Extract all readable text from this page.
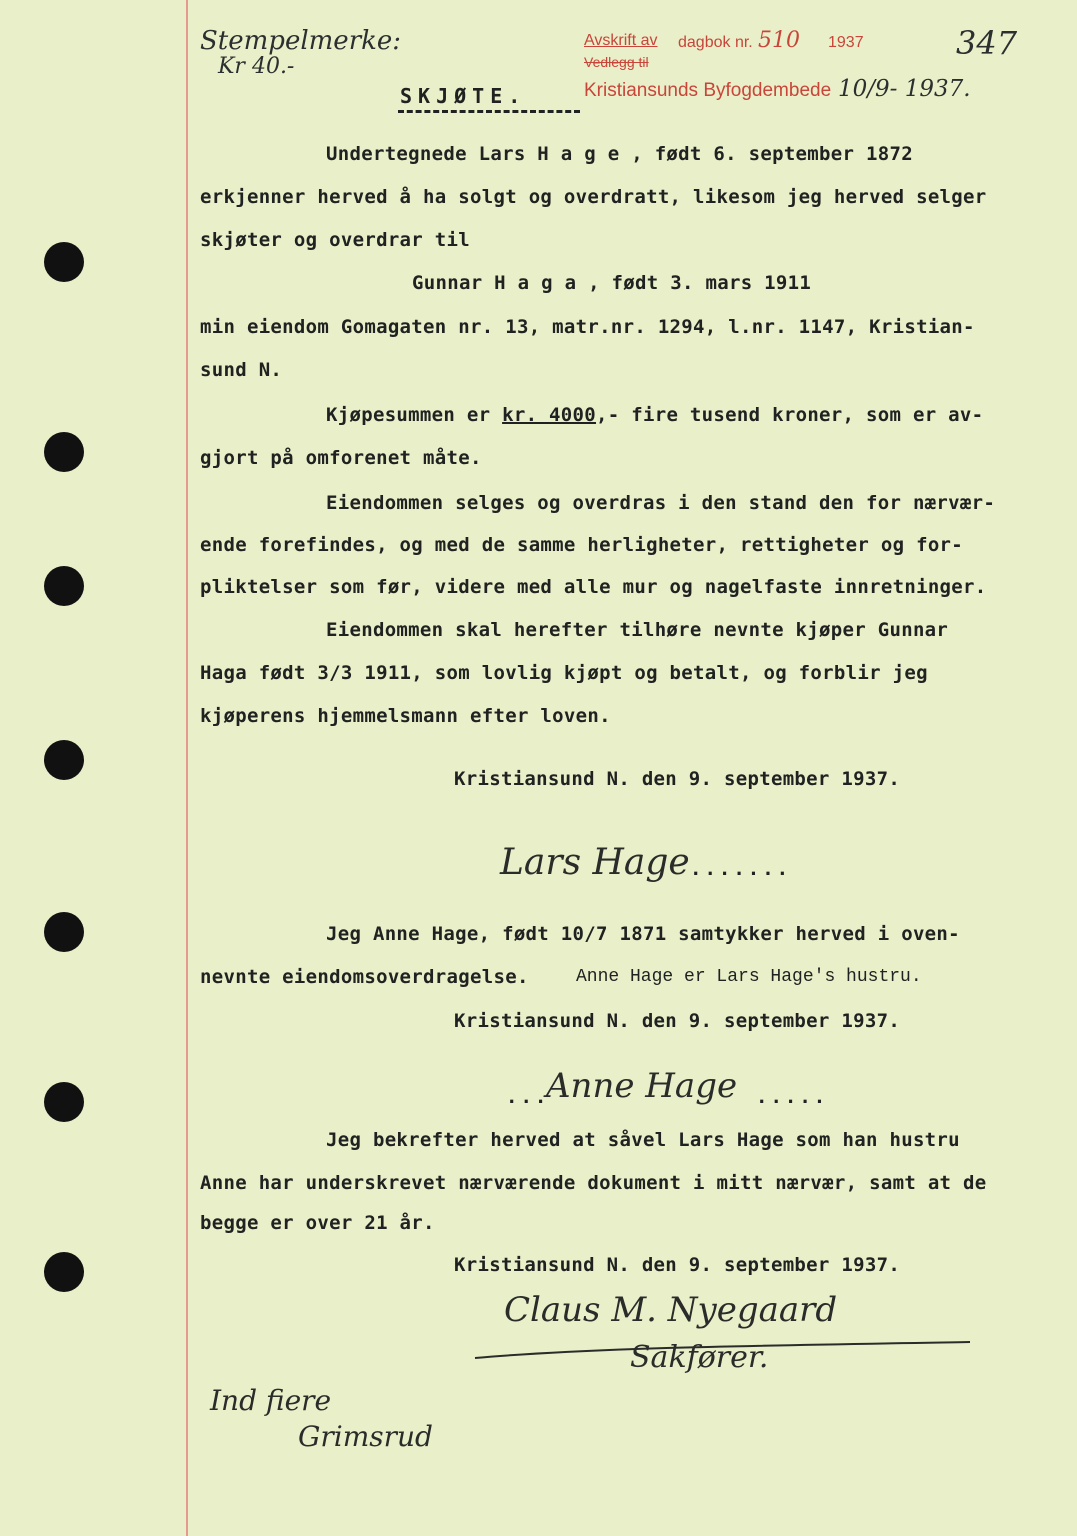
Stempelmerke:
Kr 40.-
Avskrift av
Vedlegg til
dagbok nr. 510 1937
Kristiansunds Byfogdembede 10/9- 1937.
347
SKJØTE.
Undertegnede Lars H a g e , født 6. september 1872
erkjenner herved å ha solgt og overdratt, likesom jeg herved selger
skjøter og overdrar til
Gunnar H a g a , født 3. mars 1911
min eiendom Gomagaten nr. 13, matr.nr. 1294, l.nr. 1147, Kristian-
sund N.
Kjøpesummen er kr. 4000,- fire tusend kroner, som er av-
gjort på omforenet måte.
Eiendommen selges og overdras i den stand den for nærvær-
ende forefindes, og med de samme herligheter, rettigheter og for-
pliktelser som før, videre med alle mur og nagelfaste innretninger.
Eiendommen skal herefter tilhøre nevnte kjøper Gunnar
Haga født 3/3 1911, som lovlig kjøpt og betalt, og forblir jeg
kjøperens hjemmelsmann efter loven.
Kristiansund N. den 9. september 1937.
Lars Hage .......
Jeg Anne Hage, født 10/7 1871 samtykker herved i oven-
nevnte eiendomsoverdragelse.	Anne Hage er Lars Hage's hustru.
Kristiansund N. den 9. september 1937.
...
Anne Hage .....
Jeg bekrefter herved at såvel Lars Hage som han hustru
Anne har underskrevet nærværende dokument i mitt nærvær, samt at de
begge er over 21 år.
Kristiansund N. den 9. september 1937.
Claus M. Nyegaard
Sakfører.
Ind fiere
Grimsrud
